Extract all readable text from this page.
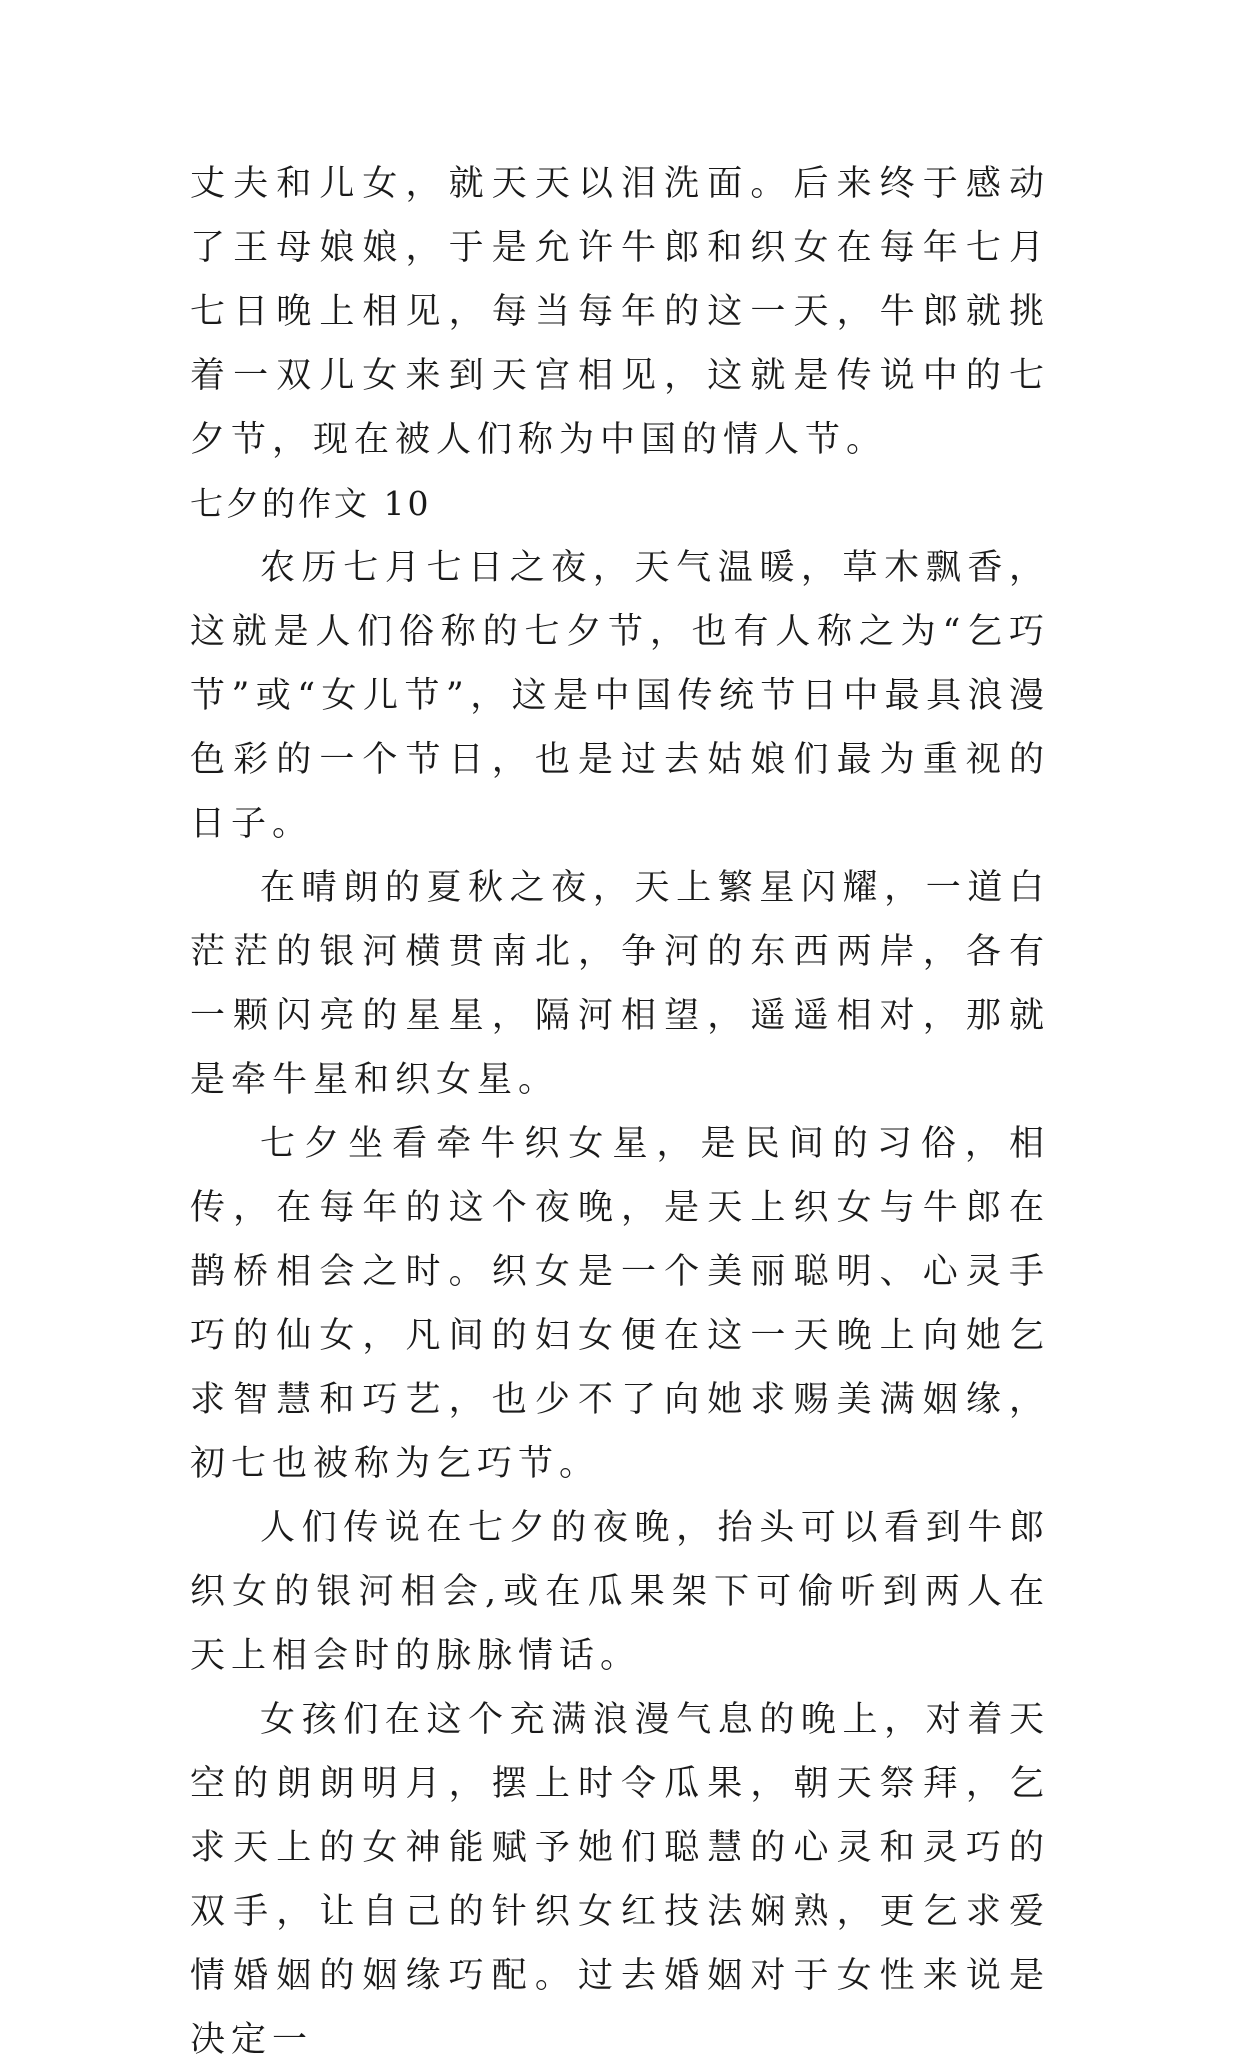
丈夫和儿女，就天天以泪洗面。后来终于感动了王母娘娘，于是允许牛郎和织女在每年七月七日晚上相见，每当每年的这一天，牛郎就挑着一双儿女来到天宫相见，这就是传说中的七夕节，现在被人们称为中国的情人节。

七夕的作文 10

农历七月七日之夜，天气温暖，草木飘香，这就是人们俗称的七夕节，也有人称之为“乞巧节”或“女儿节”，这是中国传统节日中最具浪漫色彩的一个节日，也是过去姑娘们最为重视的日子。

在晴朗的夏秋之夜，天上繁星闪耀，一道白茫茫的银河横贯南北，争河的东西两岸，各有一颗闪亮的星星，隔河相望，遥遥相对，那就是牵牛星和织女星。

七夕坐看牵牛织女星，是民间的习俗，相传，在每年的这个夜晚，是天上织女与牛郎在鹊桥相会之时。织女是一个美丽聪明、心灵手巧的仙女，凡间的妇女便在这一天晚上向她乞求智慧和巧艺，也少不了向她求赐美满姻缘，初七也被称为乞巧节。

人们传说在七夕的夜晚，抬头可以看到牛郎织女的银河相会,或在瓜果架下可偷听到两人在天上相会时的脉脉情话。

女孩们在这个充满浪漫气息的晚上，对着天空的朗朗明月，摆上时令瓜果，朝天祭拜，乞求天上的女神能赋予她们聪慧的心灵和灵巧的双手，让自己的针织女红技法娴熟，更乞求爱情婚姻的姻缘巧配。过去婚姻对于女性来说是决定一
